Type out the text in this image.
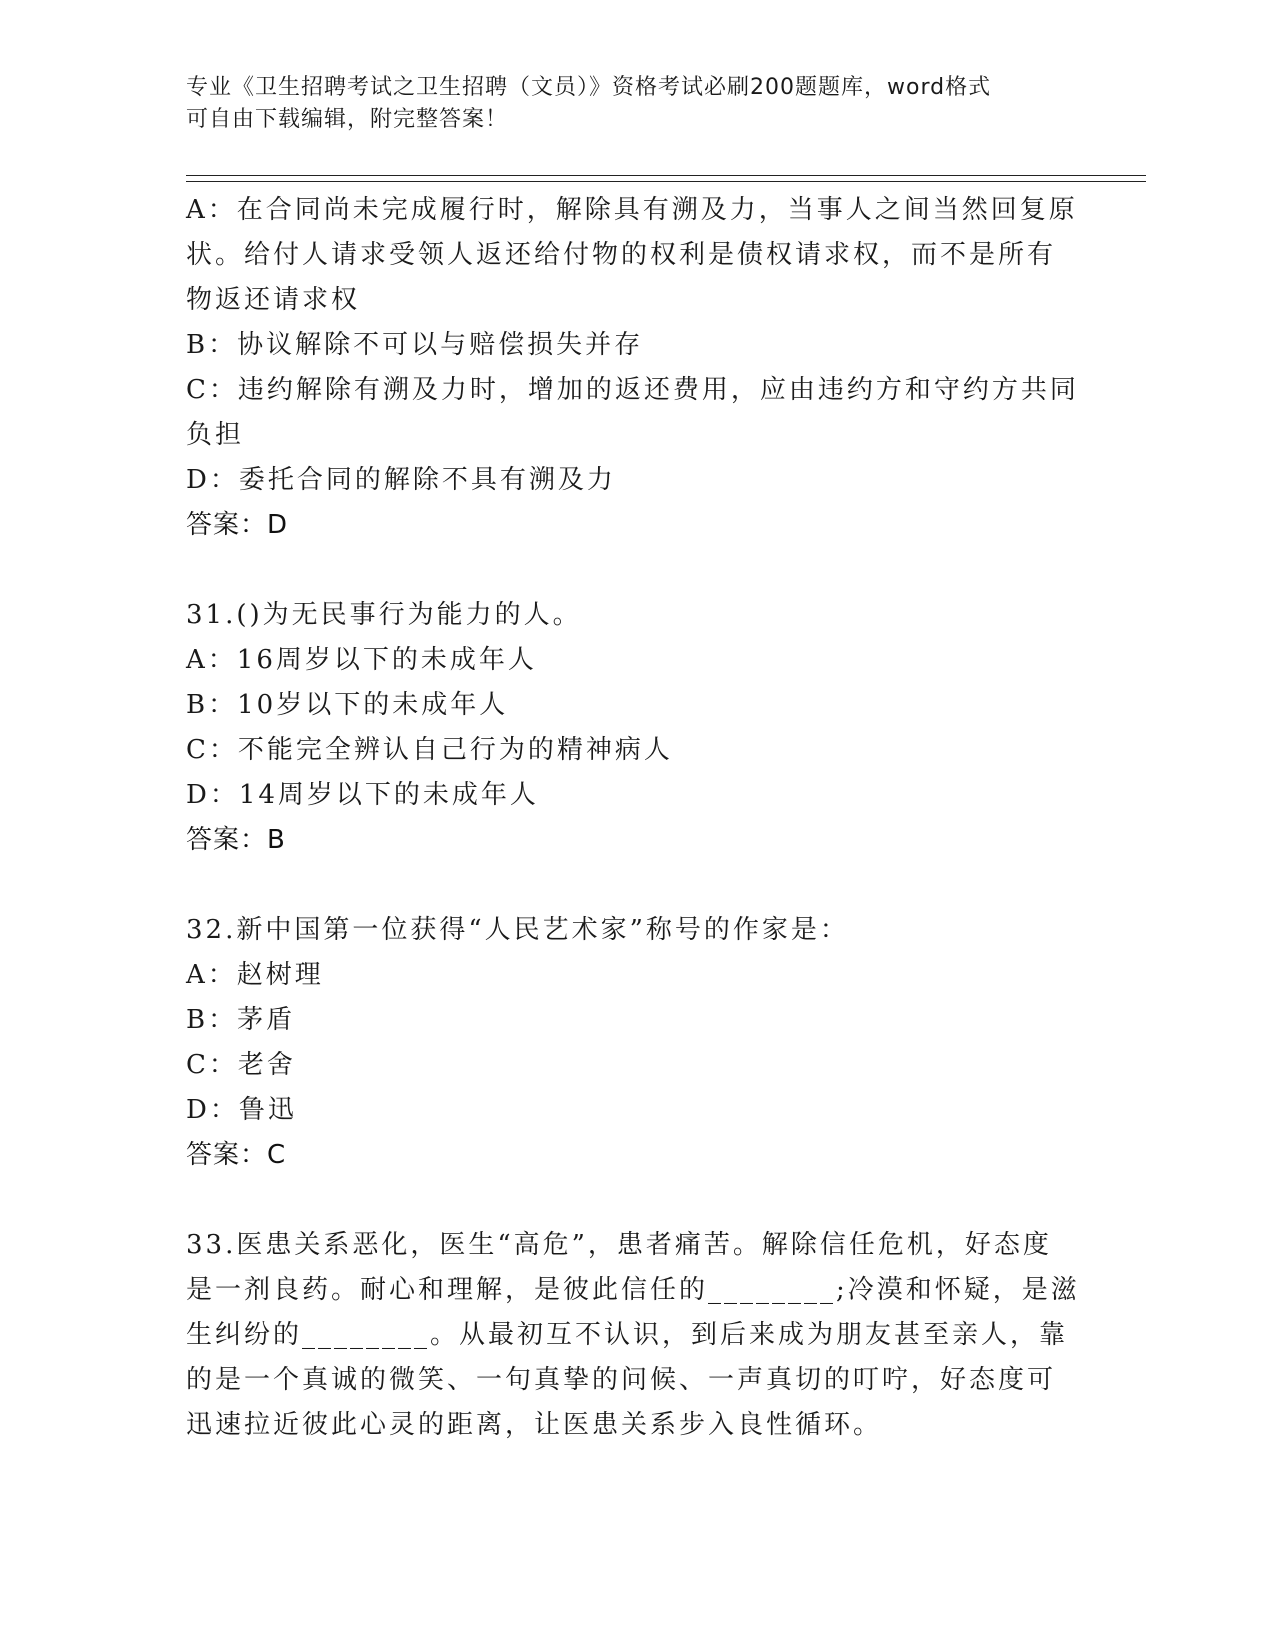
专业《卫生招聘考试之卫生招聘（文员）》资格考试必刷200题题库，word格式
可自由下载编辑，附完整答案！

A：在合同尚未完成履行时，解除具有溯及力，当事人之间当然回复原

状。给付人请求受领人返还给付物的权利是债权请求权，而不是所有

物返还请求权

B：协议解除不可以与赔偿损失并存

C：违约解除有溯及力时，增加的返还费用，应由违约方和守约方共同

负担

D：委托合同的解除不具有溯及力

答案：D

31.()为无民事行为能力的人。

A：16周岁以下的未成年人

B：10岁以下的未成年人

C：不能完全辨认自己行为的精神病人

D：14周岁以下的未成年人

答案：B

32.新中国第一位获得“人民艺术家”称号的作家是：

A：赵树理

B：茅盾

C：老舍

D：鲁迅

答案：C

33.医患关系恶化，医生“高危”，患者痛苦。解除信任危机，好态度

是一剂良药。耐心和理解，是彼此信任的________;冷漠和怀疑，是滋

生纠纷的________。从最初互不认识，到后来成为朋友甚至亲人，靠

的是一个真诚的微笑、一句真挚的问候、一声真切的叮咛，好态度可

迅速拉近彼此心灵的距离，让医患关系步入良性循环。
